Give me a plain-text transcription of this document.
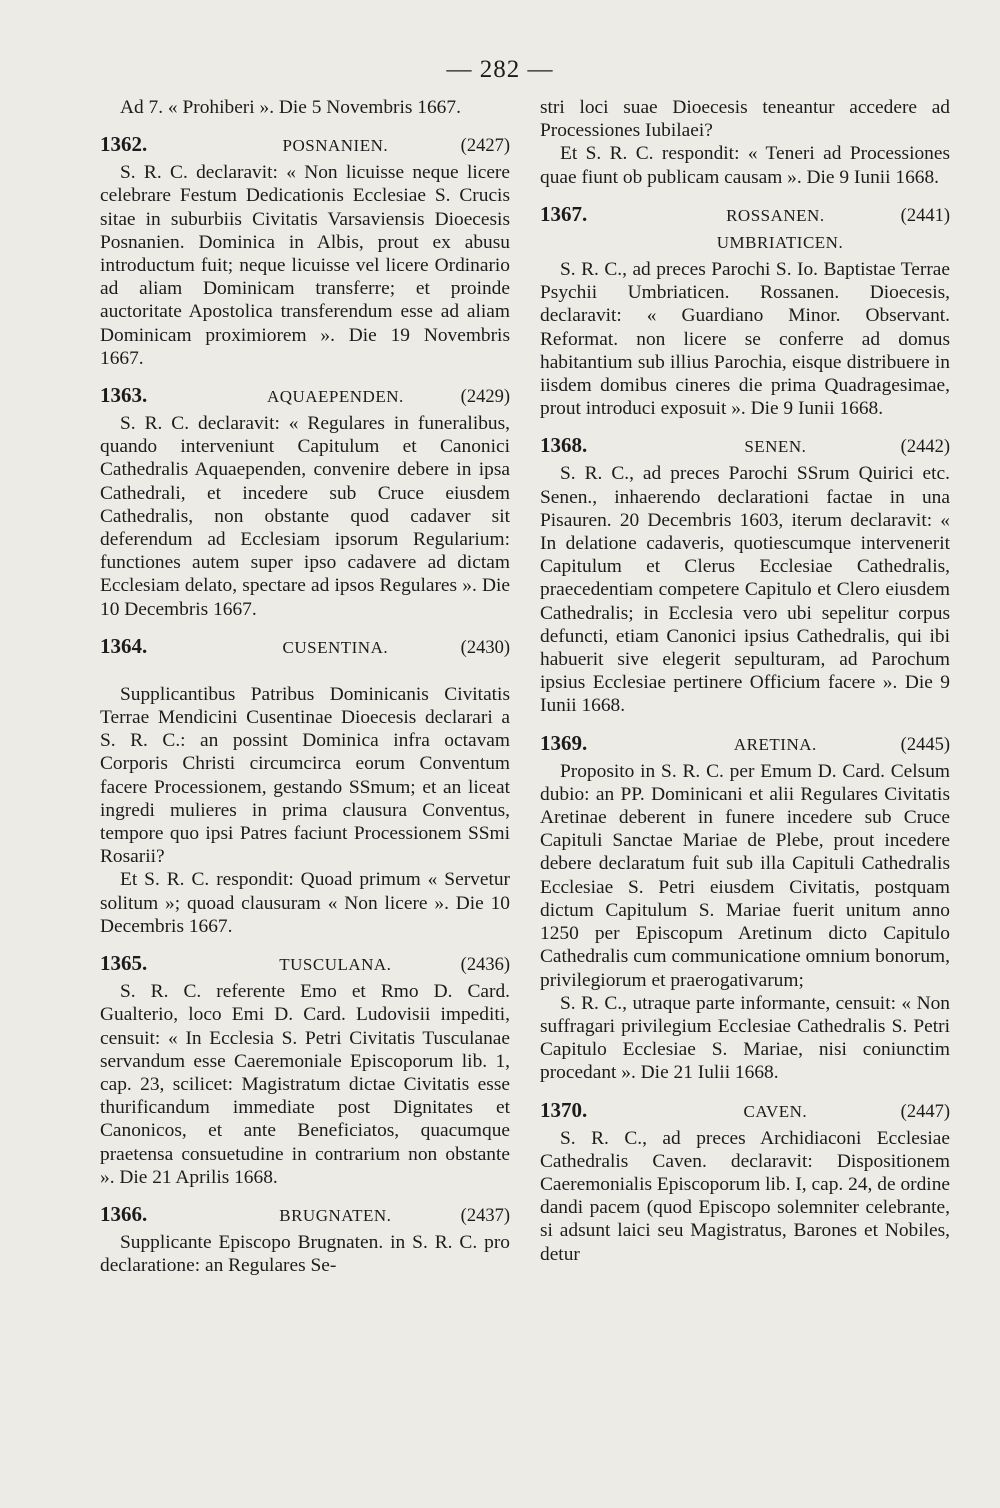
— 282 —

Ad 7. « Prohiberi ». Die 5 Novembris 1667.

1362.	POSNANIEN.	(2427)

S. R. C. declaravit: « Non licuisse neque licere celebrare Festum Dedicationis Ecclesiae S. Crucis sitae in suburbiis Civitatis Varsaviensis Dioecesis Posnanien. Dominica in Albis, prout ex abusu introductum fuit; neque licuisse vel licere Ordinario ad aliam Dominicam transferre; et proinde auctoritate Apostolica transferendum esse ad aliam Dominicam proximiorem ». Die 19 Novembris 1667.

1363.	AQUAEPENDEN.	(2429)

S. R. C. declaravit: « Regulares in funeralibus, quando interveniunt Capitulum et Canonici Cathedralis Aquaependen, convenire debere in ipsa Cathedrali, et incedere sub Cruce eiusdem Cathedralis, non obstante quod cadaver sit deferendum ad Ecclesiam ipsorum Regularium: functiones autem super ipso cadavere ad dictam Ecclesiam delato, spectare ad ipsos Regulares ». Die 10 Decembris 1667.

1364.	CUSENTINA.	(2430)

Supplicantibus Patribus Dominicanis Civitatis Terrae Mendicini Cusentinae Dioecesis declarari a S. R. C.: an possint Dominica infra octavam Corporis Christi circumcirca eorum Conventum facere Processionem, gestando SSmum; et an liceat ingredi mulieres in prima clausura Conventus, tempore quo ipsi Patres faciunt Processionem SSmi Rosarii?

Et S. R. C. respondit: Quoad primum « Servetur solitum »; quoad clausuram « Non licere ». Die 10 Decembris 1667.

1365.	TUSCULANA.	(2436)

S. R. C. referente Emo et Rmo D. Card. Gualterio, loco Emi D. Card. Ludovisii impediti, censuit: « In Ecclesia S. Petri Civitatis Tusculanae servandum esse Caeremoniale Episcoporum lib. 1, cap. 23, scilicet: Magistratum dictae Civitatis esse thurificandum immediate post Dignitates et Canonicos, et ante Beneficiatos, quacumque praetensa consuetudine in contrarium non obstante ». Die 21 Aprilis 1668.

1366.	BRUGNATEN.	(2437)

Supplicante Episcopo Brugnaten. in S. R. C. pro declaratione: an Regulares Se-

stri loci suae Dioecesis teneantur accedere ad Processiones Iubilaei?

Et S. R. C. respondit: « Teneri ad Processiones quae fiunt ob publicam causam ». Die 9 Iunii 1668.

1367.	ROSSANEN.	(2441)
UMBRIATICEN.

S. R. C., ad preces Parochi S. Io. Baptistae Terrae Psychii Umbriaticen. Rossanen. Dioecesis, declaravit: « Guardiano Minor. Observant. Reformat. non licere se conferre ad domus habitantium sub illius Parochia, eisque distribuere in iisdem domibus cineres die prima Quadragesimae, prout introduci exposuit ». Die 9 Iunii 1668.

1368.	SENEN.	(2442)

S. R. C., ad preces Parochi SSrum Quirici etc. Senen., inhaerendo declarationi factae in una Pisauren. 20 Decembris 1603, iterum declaravit: « In delatione cadaveris, quotiescumque intervenerit Capitulum et Clerus Ecclesiae Cathedralis, praecedentiam competere Capitulo et Clero eiusdem Cathedralis; in Ecclesia vero ubi sepelitur corpus defuncti, etiam Canonici ipsius Cathedralis, qui ibi habuerit sive elegerit sepulturam, ad Parochum ipsius Ecclesiae pertinere Officium facere ». Die 9 Iunii 1668.

1369.	ARETINA.	(2445)

Proposito in S. R. C. per Emum D. Card. Celsum dubio: an PP. Dominicani et alii Regulares Civitatis Aretinae deberent in funere incedere sub Cruce Capituli Sanctae Mariae de Plebe, prout incedere debere declaratum fuit sub illa Capituli Cathedralis Ecclesiae S. Petri eiusdem Civitatis, postquam dictum Capitulum S. Mariae fuerit unitum anno 1250 per Episcopum Aretinum dicto Capitulo Cathedralis cum communicatione omnium bonorum, privilegiorum et praerogativarum;

S. R. C., utraque parte informante, censuit: « Non suffragari privilegium Ecclesiae Cathedralis S. Petri Capitulo Ecclesiae S. Mariae, nisi coniunctim procedant ». Die 21 Iulii 1668.

1370.	CAVEN.	(2447)

S. R. C., ad preces Archidiaconi Ecclesiae Cathedralis Caven. declaravit: Dispositionem Caeremonialis Episcoporum lib. I, cap. 24, de ordine dandi pacem (quod Episcopo solemniter celebrante, si adsunt laici seu Magistratus, Barones et Nobiles, detur
